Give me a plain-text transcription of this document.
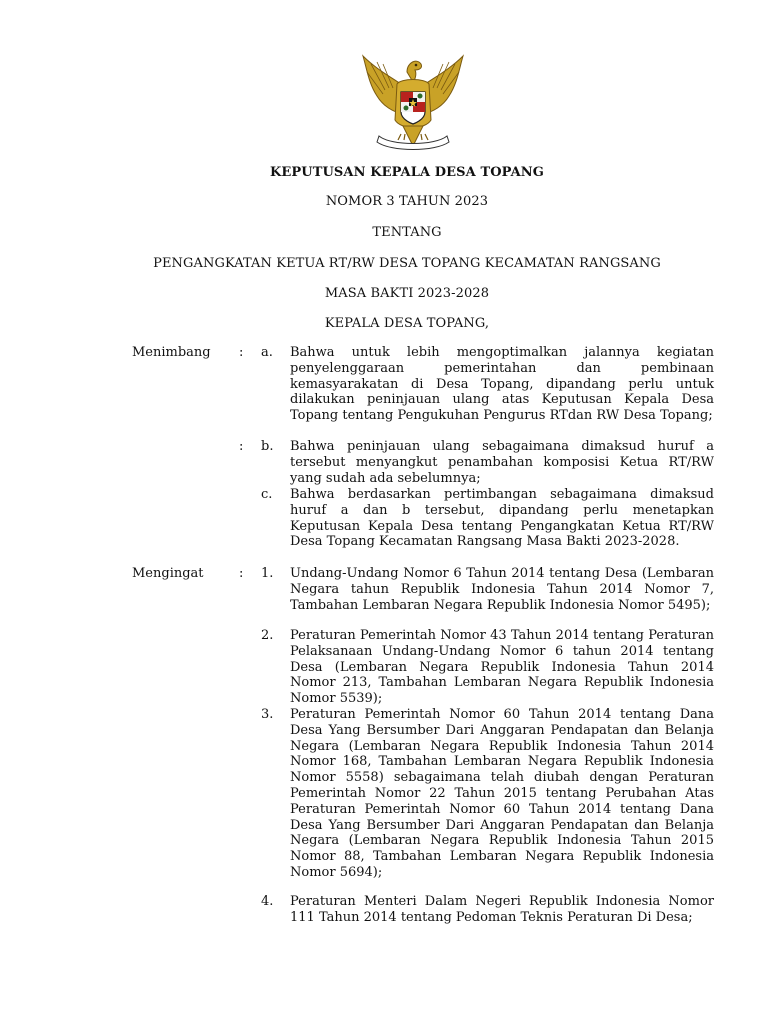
KEPUTUSAN KEPALA DESA TOPANG
NOMOR 3 TAHUN 2023
TENTANG
PENGANGKATAN KETUA RT/RW DESA TOPANG KECAMATAN RANGSANG
MASA BAKTI 2023-2028
KEPALA DESA TOPANG,
Menimbang : a. Bahwa untuk lebih mengoptimalkan jalannya kegiatan penyelenggaraan pemerintahan dan pembinaan kemasyarakatan di Desa Topang, dipandang perlu untuk dilakukan peninjauan ulang atas Keputusan Kepala Desa Topang tentang Pengukuhan Pengurus RTdan RW Desa Topang;
: b. Bahwa peninjauan ulang sebagaimana dimaksud huruf a tersebut menyangkut penambahan komposisi Ketua RT/RW yang sudah ada sebelumnya;
c. Bahwa berdasarkan pertimbangan sebagaimana dimaksud huruf a dan b tersebut, dipandang perlu menetapkan Keputusan Kepala Desa tentang Pengangkatan Ketua RT/RW Desa Topang Kecamatan Rangsang Masa Bakti 2023-2028.
Mengingat	: 1. Undang-Undang Nomor 6 Tahun 2014 tentang Desa (Lembaran Negara tahun Republik Indonesia Tahun 2014 Nomor 7, Tambahan Lembaran Negara Republik Indonesia Nomor 5495);
2. Peraturan Pemerintah Nomor 43 Tahun 2014 tentang Peraturan Pelaksanaan Undang-Undang Nomor 6 tahun 2014 tentang Desa (Lembaran Negara Republik Indonesia Tahun 2014 Nomor 213, Tambahan Lembaran Negara Republik Indonesia Nomor 5539);
3. Peraturan Pemerintah Nomor 60 Tahun 2014 tentang Dana Desa Yang Bersumber Dari Anggaran Pendapatan dan Belanja Negara (Lembaran Negara Republik Indonesia Tahun 2014 Nomor 168, Tambahan Lembaran Negara Republik Indonesia Nomor 5558) sebagaimana telah diubah dengan Peraturan Pemerintah Nomor 22 Tahun 2015 tentang Perubahan Atas Peraturan Pemerintah Nomor 60 Tahun 2014 tentang Dana Desa Yang Bersumber Dari Anggaran Pendapatan dan Belanja Negara (Lembaran Negara Republik Indonesia Tahun 2015 Nomor 88, Tambahan Lembaran Negara Republik Indonesia Nomor 5694);
4. Peraturan Menteri Dalam Negeri Republik Indonesia Nomor 111 Tahun 2014 tentang Pedoman Teknis Peraturan Di Desa;
